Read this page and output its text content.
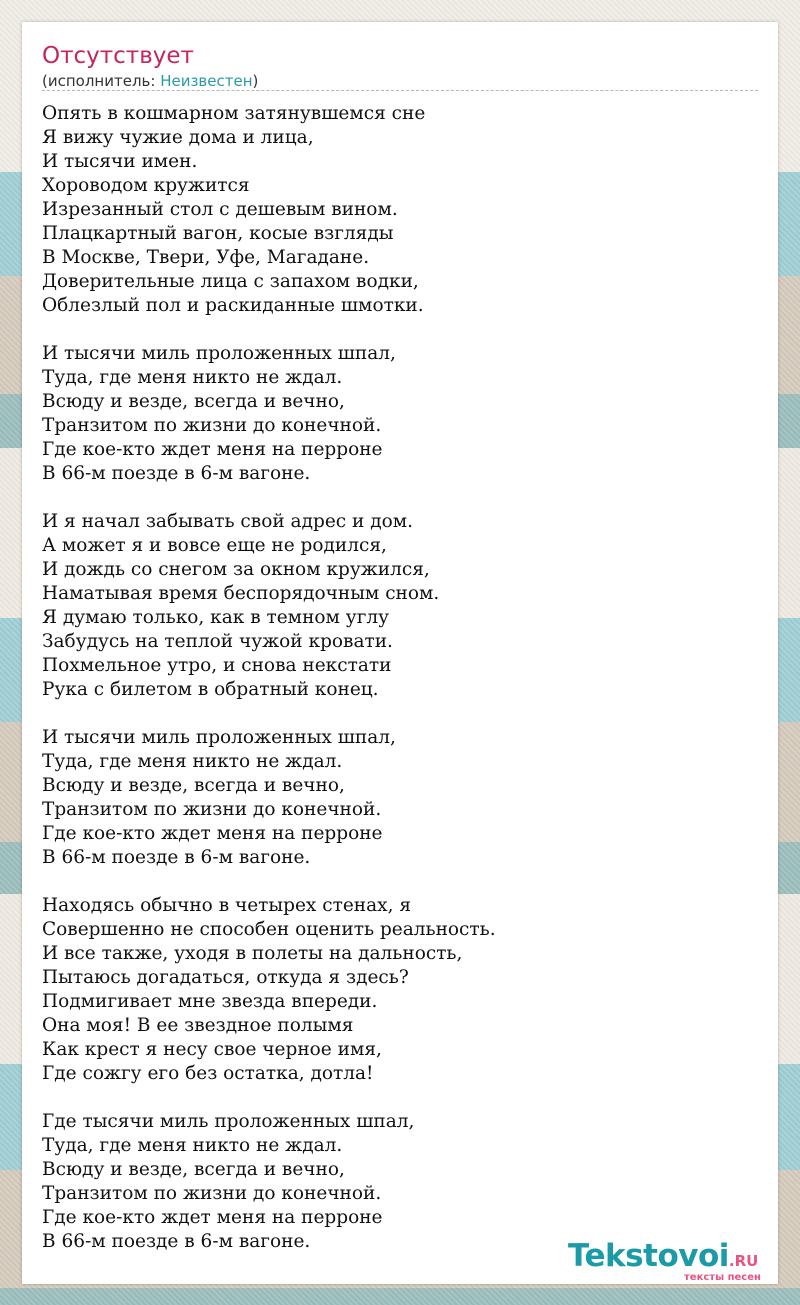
Отсутствует
(исполнитель: Неизвестен)
Опять в кошмарном затянувшемся сне
Я вижу чужие дома и лица,
И тысячи имен.
Хороводом кружится
Изрезанный стол с дешевым вином.
Плацкартный вагон, косые взгляды
В Москве, Твери, Уфе, Магадане.
Доверительные лица с запахом водки,
Облезлый пол и раскиданные шмотки.
И тысячи миль проложенных шпал,
Туда, где меня никто не ждал.
Всюду и везде, всегда и вечно,
Транзитом по жизни до конечной.
Где кое-кто ждет меня на перроне
В 66-м поезде в 6-м вагоне.
И я начал забывать свой адрес и дом.
А может я и вовсе еще не родился,
И дождь со снегом за окном кружился,
Наматывая время беспорядочным сном.
Я думаю только, как в темном углу
Забудусь на теплой чужой кровати.
Похмельное утро, и снова некстати
Рука с билетом в обратный конец.
И тысячи миль проложенных шпал,
Туда, где меня никто не ждал.
Всюду и везде, всегда и вечно,
Транзитом по жизни до конечной.
Где кое-кто ждет меня на перроне
В 66-м поезде в 6-м вагоне.
Находясь обычно в четырех стенах, я
Совершенно не способен оценить реальность.
И все также, уходя в полеты на дальность,
Пытаюсь догадаться, откуда я здесь?
Подмигивает мне звезда впереди.
Она моя! В ее звездное полымя
Как крест я несу свое черное имя,
Где сожгу его без остатка, дотла!
Где тысячи миль проложенных шпал,
Туда, где меня никто не ждал.
Всюду и везде, всегда и вечно,
Транзитом по жизни до конечной.
Где кое-кто ждет меня на перроне
В 66-м поезде в 6-м вагоне.	Tekstovoi.RU
тексты песен
